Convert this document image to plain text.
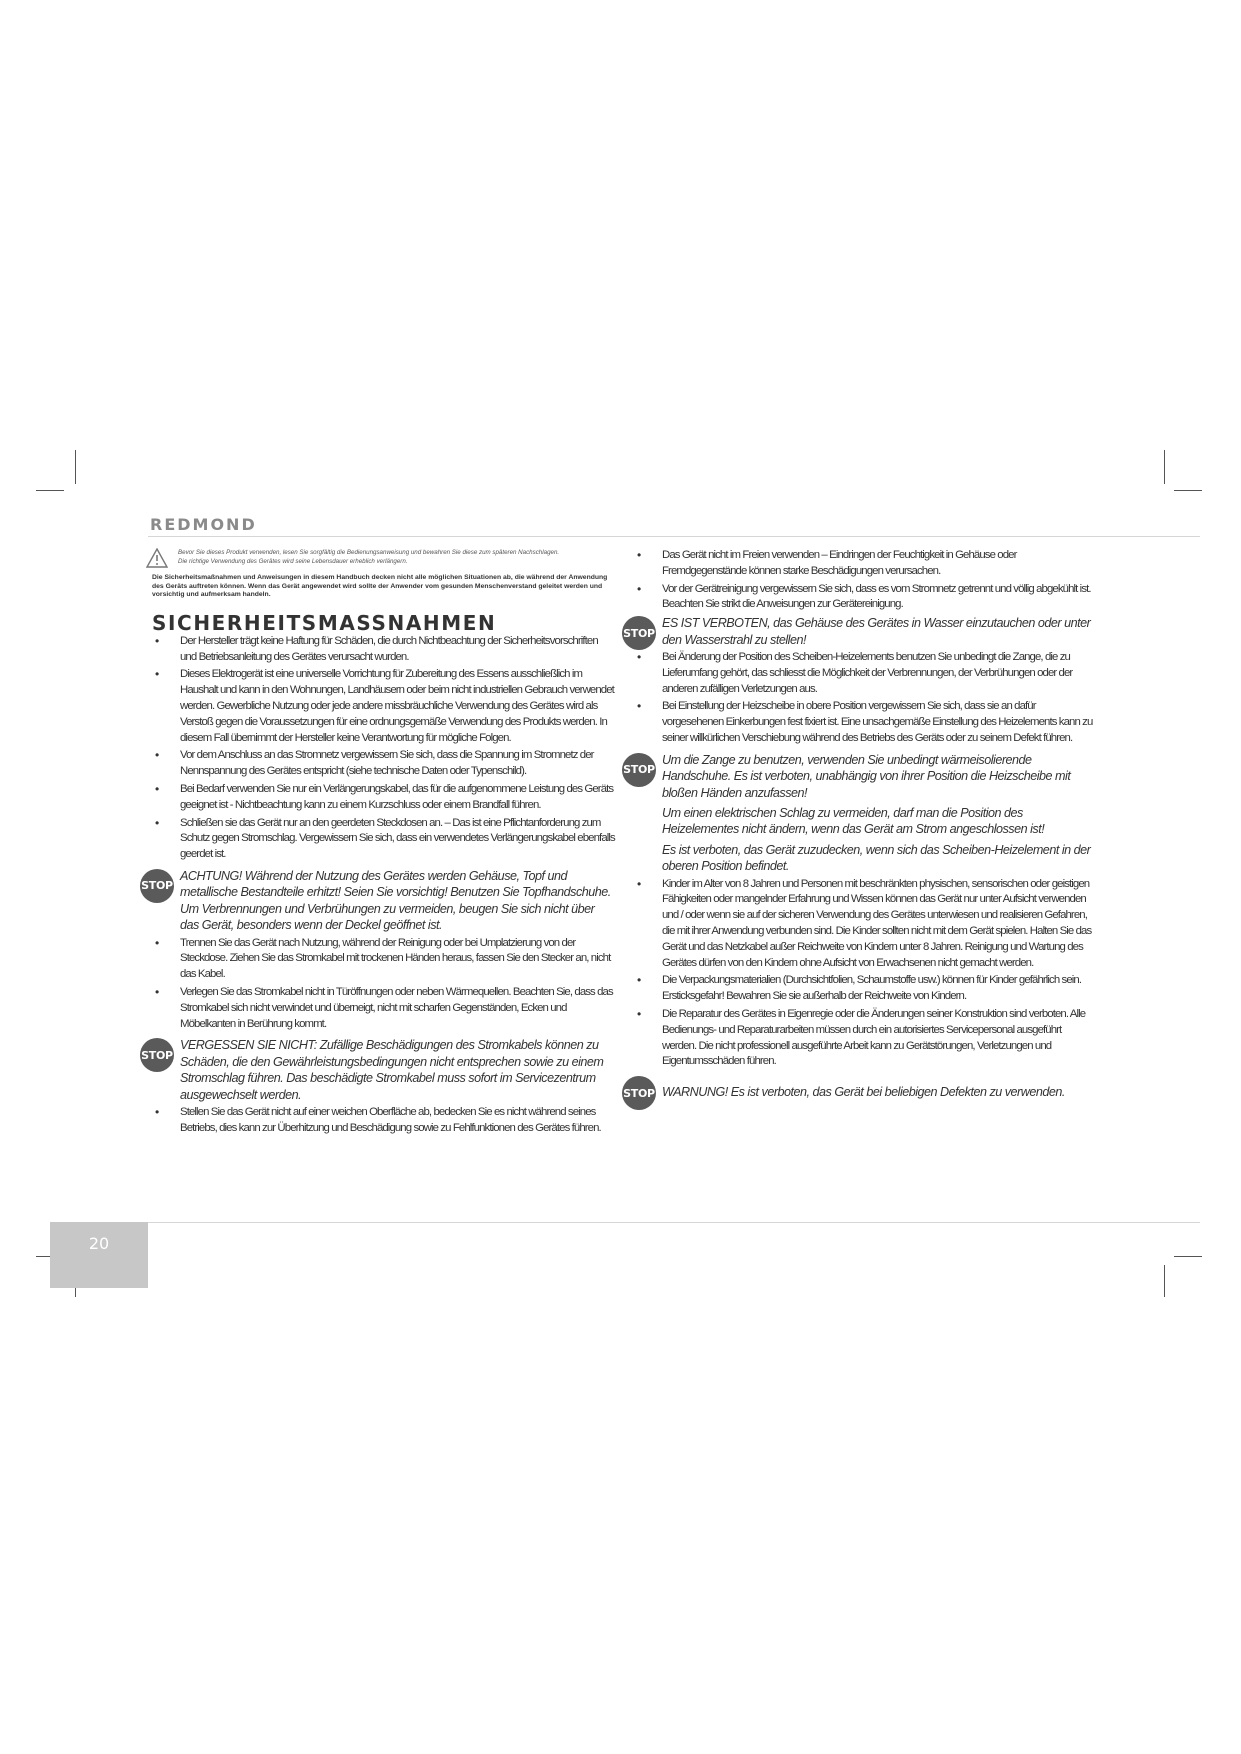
REDMOND
Bevor Sie dieses Produkt verwenden, lesen Sie sorgfältig die Bedienungsanweisung und bewahren Sie diese zum späteren Nachschlagen.
Die richtige Verwendung des Gerätes wird seine Lebensdauer erheblich verlängern.
Die Sicherheitsmaßnahmen und Anweisungen in diesem Handbuch decken nicht alle möglichen Situationen ab, die während der Anwendung des Geräts auftreten können. Wenn das Gerät angewendet wird sollte der Anwender vom gesunden Menschenverstand geleitet werden und vorsichtig und aufmerksam handeln.
SICHERHEITSMASSNAHMEN
• Der Hersteller trägt keine Haftung für Schäden, die durch Nichtbeachtung der Sicherheitsvorschriften und Betriebsanleitung des Gerätes verursacht wurden.
• Dieses Elektrogerät ist eine universelle Vorrichtung für Zubereitung des Essens ausschließlich im Haushalt und kann in den Wohnungen, Landhäusern oder beim nicht industriellen Gebrauch verwendet werden. Gewerbliche Nutzung oder jede andere missbräuchliche Verwendung des Gerätes wird als Verstoß gegen die Voraussetzungen für eine ordnungsgemäße Verwendung des Produkts werden. In diesem Fall übernimmt der Hersteller keine Verantwortung für mögliche Folgen.
• Vor dem Anschluss an das Stromnetz vergewissern Sie sich, dass die Spannung im Stromnetz der Nennspannung des Gerätes entspricht (siehe technische Daten oder Typenschild).
• Bei Bedarf verwenden Sie nur ein Verlängerungskabel, das für die aufgenommene Leistung des Geräts geeignet ist - Nichtbeachtung kann zu einem Kurzschluss oder einem Brandfall führen.
• Schließen sie das Gerät nur an den geerdeten Steckdosen an. – Das ist eine Pflichtanforderung zum Schutz gegen Stromschlag. Vergewissern Sie sich, dass ein verwendetes Verlängerungskabel ebenfalls geerdet ist.
STOP
ACHTUNG! Während der Nutzung des Gerätes werden Gehäuse, Topf und metallische Bestandteile erhitzt! Seien Sie vorsichtig! Benutzen Sie Topfhandschuhe. Um Verbrennungen und Verbrühungen zu vermeiden, beugen Sie sich nicht über das Gerät, besonders wenn der Deckel geöffnet ist.
• Trennen Sie das Gerät nach Nutzung, während der Reinigung oder bei Umplatzierung von der Steckdose. Ziehen Sie das Stromkabel mit trockenen Händen heraus, fassen Sie den Stecker an, nicht das Kabel.
• Verlegen Sie das Stromkabel nicht in Türöffnungen oder neben Wärmequellen. Beachten Sie, dass das Stromkabel sich nicht verwindet und überneigt, nicht mit scharfen Gegenständen, Ecken und Möbelkanten in Berührung kommt.
STOP
VERGESSEN SIE NICHT: Zufällige Beschädigungen des Stromkabels können zu Schäden, die den Gewährleistungsbedingungen nicht entsprechen sowie zu einem Stromschlag führen. Das beschädigte Stromkabel muss sofort im Servicezentrum ausgewechselt werden.
• Stellen Sie das Gerät nicht auf einer weichen Oberfläche ab, bedecken Sie es nicht während seines Betriebs, dies kann zur Überhitzung und Beschädigung sowie zu Fehlfunktionen des Gerätes führen.
• Das Gerät nicht im Freien verwenden – Eindringen der Feuchtigkeit in Gehäuse oder Fremdgegenstände können starke Beschädigungen verursachen.
• Vor der Gerätreinigung vergewissern Sie sich, dass es vom Stromnetz getrennt und völlig abgekühlt ist. Beachten Sie strikt die Anweisungen zur Gerätereinigung.
STOP
ES IST VERBOTEN, das Gehäuse des Gerätes in Wasser einzutauchen oder unter den Wasserstrahl zu stellen!
• Bei Änderung der Position des Scheiben-Heizelements benutzen Sie unbedingt die Zange, die zu Lieferumfang gehört, das schliesst die Möglichkeit der Verbrennungen, der Verbrühungen oder der anderen zufälligen Verletzungen aus.
• Bei Einstellung der Heizscheibe in obere Position vergewissern Sie sich, dass sie an dafür vorgesehenen Einkerbungen fest fixiert ist. Eine unsachgemäße Einstellung des Heizelements kann zu seiner willkürlichen Verschiebung während des Betriebs des Geräts oder zu seinem Defekt führen.
STOP
Um die Zange zu benutzen, verwenden Sie unbedingt wärmeisolierende Handschuhe. Es ist verboten, unabhängig von ihrer Position die Heizscheibe mit bloßen Händen anzufassen!
Um einen elektrischen Schlag zu vermeiden, darf man die Position des Heizelementes nicht ändern, wenn das Gerät am Strom angeschlossen ist!
Es ist verboten, das Gerät zuzudecken, wenn sich das Scheiben-Heizelement in der oberen Position befindet.
• Kinder im Alter von 8 Jahren und Personen mit beschränkten physischen, sensorischen oder geistigen Fähigkeiten oder mangelnder Erfahrung und Wissen können das Gerät nur unter Aufsicht verwenden und / oder wenn sie auf der sicheren Verwendung des Gerätes unterwiesen und realisieren Gefahren, die mit ihrer Anwendung verbunden sind. Die Kinder sollten nicht mit dem Gerät spielen. Halten Sie das Gerät und das Netzkabel außer Reichweite von Kindern unter 8 Jahren. Reinigung und Wartung des Gerätes dürfen von den Kindern ohne Aufsicht von Erwachsenen nicht gemacht werden.
• Die Verpackungsmaterialien (Durchsichtfolien, Schaumstoffe usw.) können für Kinder gefährlich sein. Ersticksgefahr! Bewahren Sie sie außerhalb der Reichweite von Kindern.
• Die Reparatur des Gerätes in Eigenregie oder die Änderungen seiner Konstruktion sind verboten. Alle Bedienungs- und Reparaturarbeiten müssen durch ein autorisiertes Servicepersonal ausgeführt werden. Die nicht professionell ausgeführte Arbeit kann zu Gerätstörungen, Verletzungen und Eigentumsschäden führen.
STOP WARNUNG! Es ist verboten, das Gerät bei beliebigen Defekten zu verwenden.
20
